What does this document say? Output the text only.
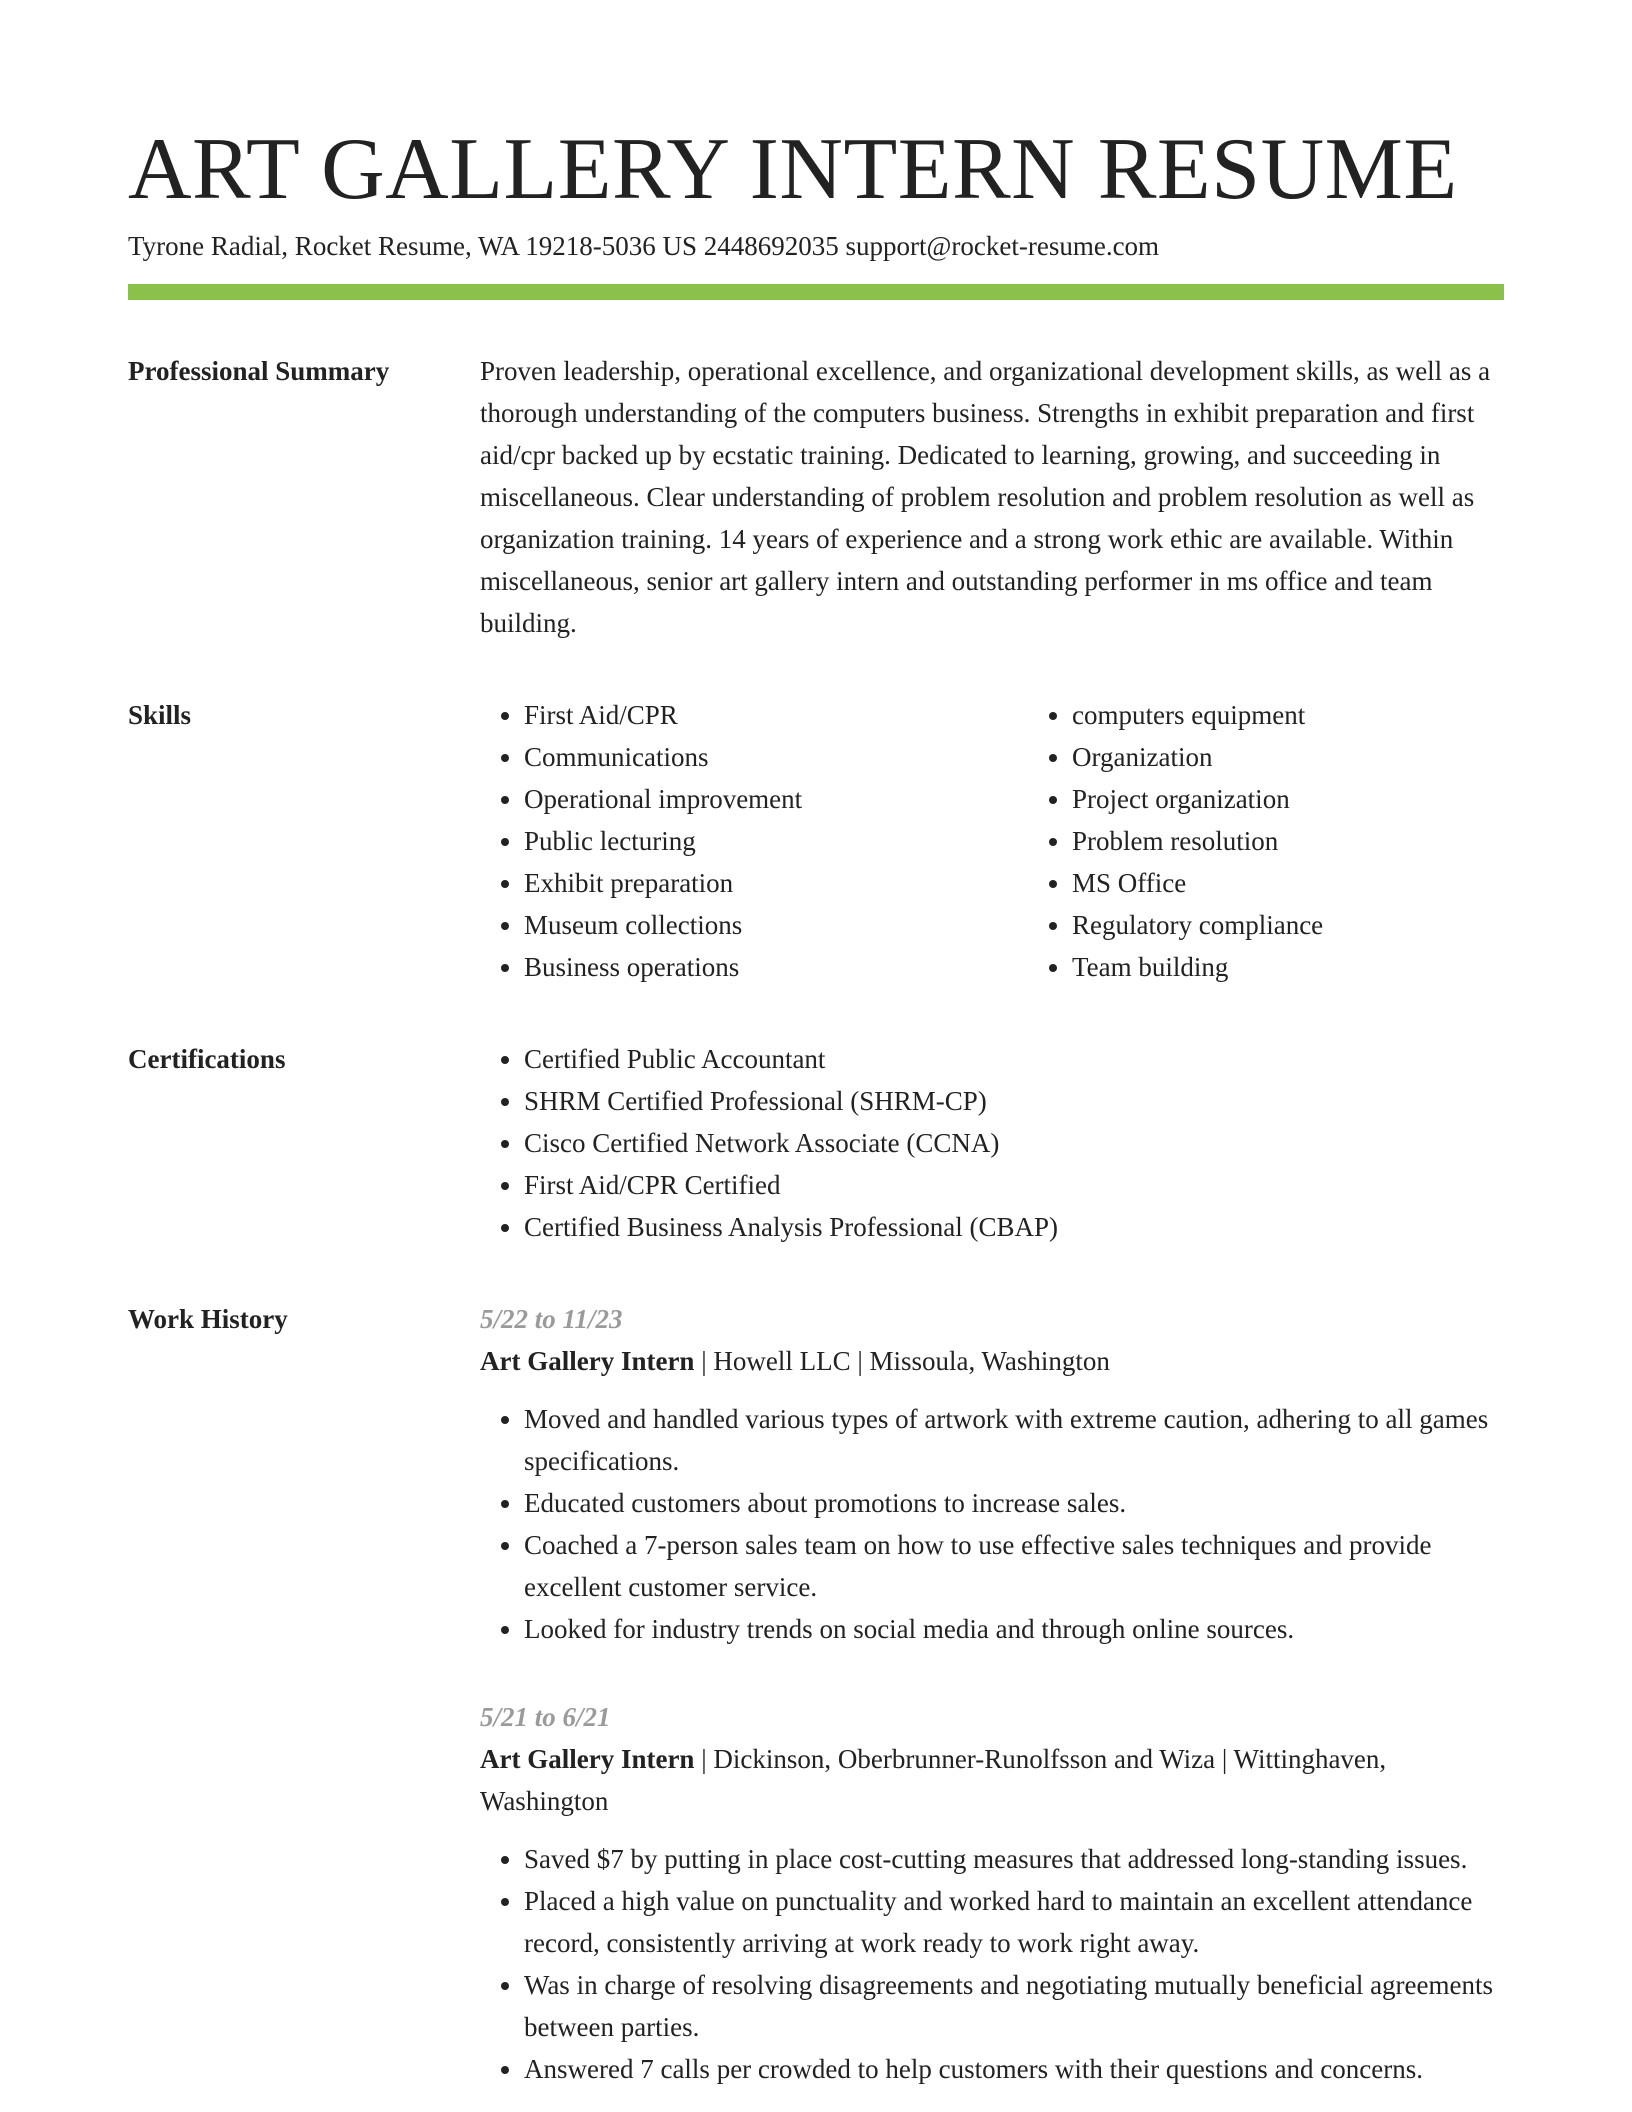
ART GALLERY INTERN RESUME
Tyrone Radial, Rocket Resume, WA 19218-5036 US 2448692035 support@rocket-resume.com
Professional Summary	Proven leadership, operational excellence, and organizational development skills, as well as a thorough understanding of the computers business. Strengths in exhibit preparation and first aid/cpr backed up by ecstatic training. Dedicated to learning, growing, and succeeding in miscellaneous. Clear understanding of problem resolution and problem resolution as well as organization training. 14 years of experience and a strong work ethic are available. Within miscellaneous, senior art gallery intern and outstanding performer in ms office and team building.

Skills	• First Aid/CPR
• Communications
• Operational improvement
• Public lecturing
• Exhibit preparation
• Museum collections
• Business operations
• computers equipment
• Organization
• Project organization
• Problem resolution
• MS Office
• Regulatory compliance
• Team building
Certifications	• Certified Public Accountant
• SHRM Certified Professional (SHRM-CP)
• Cisco Certified Network Associate (CCNA)
• First Aid/CPR Certified
• Certified Business Analysis Professional (CBAP)
Work History	5/22 to 11/23
Art Gallery Intern | Howell LLC | Missoula, Washington
• Moved and handled various types of artwork with extreme caution, adhering to all games specifications.
• Educated customers about promotions to increase sales.
• Coached a 7-person sales team on how to use effective sales techniques and provide excellent customer service.
• Looked for industry trends on social media and through online sources.
5/21 to 6/21
Art Gallery Intern | Dickinson, Oberbrunner-Runolfsson and Wiza | Wittinghaven, Washington
• Saved $7 by putting in place cost-cutting measures that addressed long-standing issues.
• Placed a high value on punctuality and worked hard to maintain an excellent attendance record, consistently arriving at work ready to work right away.
• Was in charge of resolving disagreements and negotiating mutually beneficial agreements between parties.
• Answered 7 calls per crowded to help customers with their questions and concerns.
